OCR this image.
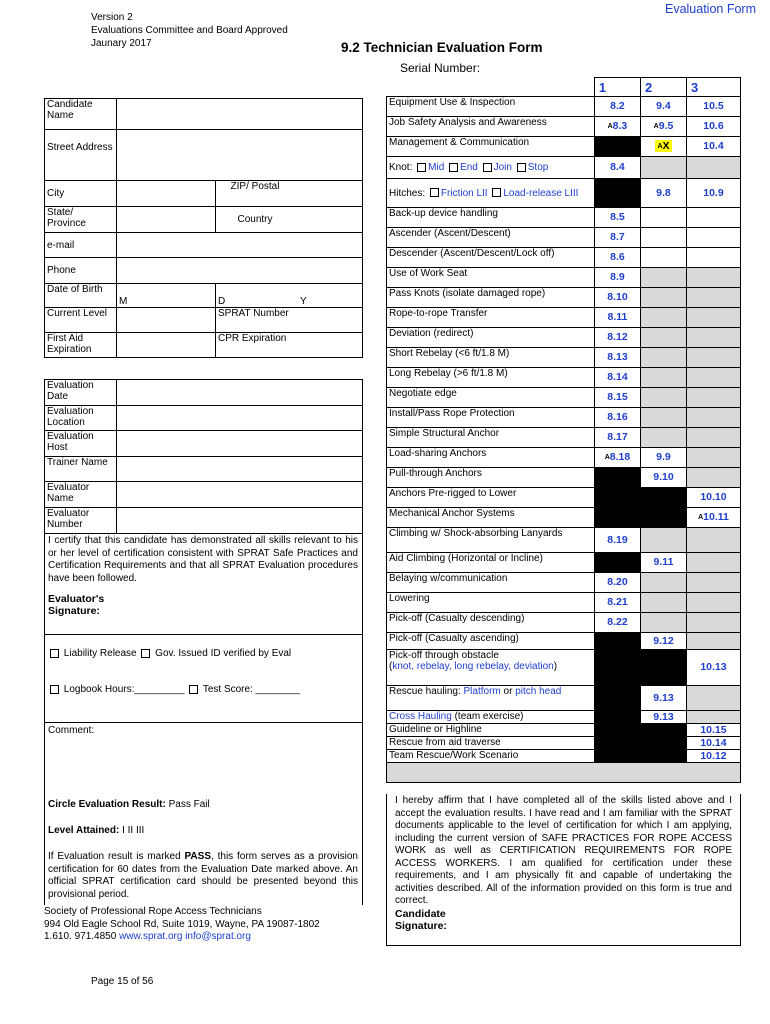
Version 2
Evaluations Committee and Board Approved
Jaunary 2017
Evaluation Form
9.2 Technician Evaluation Form
Serial Number:
Candidate Name			
Street Address			
City		ZIP/ Postal	
State/ Province		Country	
e-mail			
Phone			
Date of Birth	M	D	Y
Current Level		SPRAT Number	
First Aid Expiration		CPR Expiration	
Evaluation Date	
Evaluation Location	
Evaluation Host	
Trainer Name	
Evaluator Name	
Evaluator Number	
I certify that this candidate has demonstrated all skills relevant to his or her level of certification consistent with SPRAT Safe Practices and Certification Requirements and that all SPRAT Evaluation procedures have been followed.
Evaluator's Signature:
Liability Release Gov. Issued ID verified by Eval
Logbook Hours:_________ Test Score: ________
Comment:
Circle Evaluation Result: Pass Fail
Level Attained: I II III
If Evaluation result is marked PASS, this form serves as a provision certification for 60 dates from the Evaluation Date marked above. An official SPRAT certification card should be presented beyond this provisional period.
Society of Professional Rope Access Technicians
994 Old Eagle School Rd, Suite 1019, Wayne, PA 19087-1802
1.610. 971.4850 www.sprat.org info@sprat.org
Page 15 of 56
	1	2	3
Equipment Use & Inspection	8.2	9.4	10.5
Job Safety Analysis and Awareness	$^A$8.3	$^A$9.5	10.6
Management & Communication		$^A$X	10.4
Knot: Mid End Join Stop	8.4		
Hitches: Friction LII Load-release LIII		9.8	10.9
Back-up device handling	8.5		
Ascender (Ascent/Descent)	8.7		
Descender (Ascent/Descent/Lock off)	8.6		
Use of Work Seat	8.9		
Pass Knots (isolate damaged rope)	8.10		
Rope-to-rope Transfer	8.11		
Deviation (redirect)	8.12		
Short Rebelay (<6 ft/1.8 M)	8.13		
Long Rebelay (>6 ft/1.8 M)	8.14		
Negotiate edge	8.15		
Install/Pass Rope Protection	8.16		
Simple Structural Anchor	8.17		
Load-sharing Anchors	$^A$8.18	9.9	
Pull-through Anchors		9.10	
Anchors Pre-rigged to Lower			10.10
Mechanical Anchor Systems			$^A$10.11
Climbing w/ Shock-absorbing Lanyards	8.19		
Aid Climbing (Horizontal or Incline)		9.11	
Belaying w/communication	8.20		
Lowering	8.21		
Pick-off (Casualty descending)	8.22		
Pick-off (Casualty ascending)		9.12	
Pick-off through obstacle
(knot, rebelay, long rebelay, deviation)			10.13
Rescue hauling: Platform or pitch head		9.13	
Cross Hauling (team exercise)		9.13	
Guideline or Highline			10.15
Rescue from aid traverse			10.14
Team Rescue/Work Scenario			10.12

I hereby affirm that I have completed all of the skills listed above and I accept the evaluation results. I have read and I am familiar with the SPRAT documents applicable to the level of certification for which I am applying, including the current version of SAFE PRACTICES FOR ROPE ACCESS WORK as well as CERTIFICATION REQUIREMENTS FOR ROPE ACCESS WORKERS. I am qualified for certification under these requirements, and I am physically fit and capable of undertaking the activities described. All of the information provided on this form is true and correct.
Candidate Signature:
